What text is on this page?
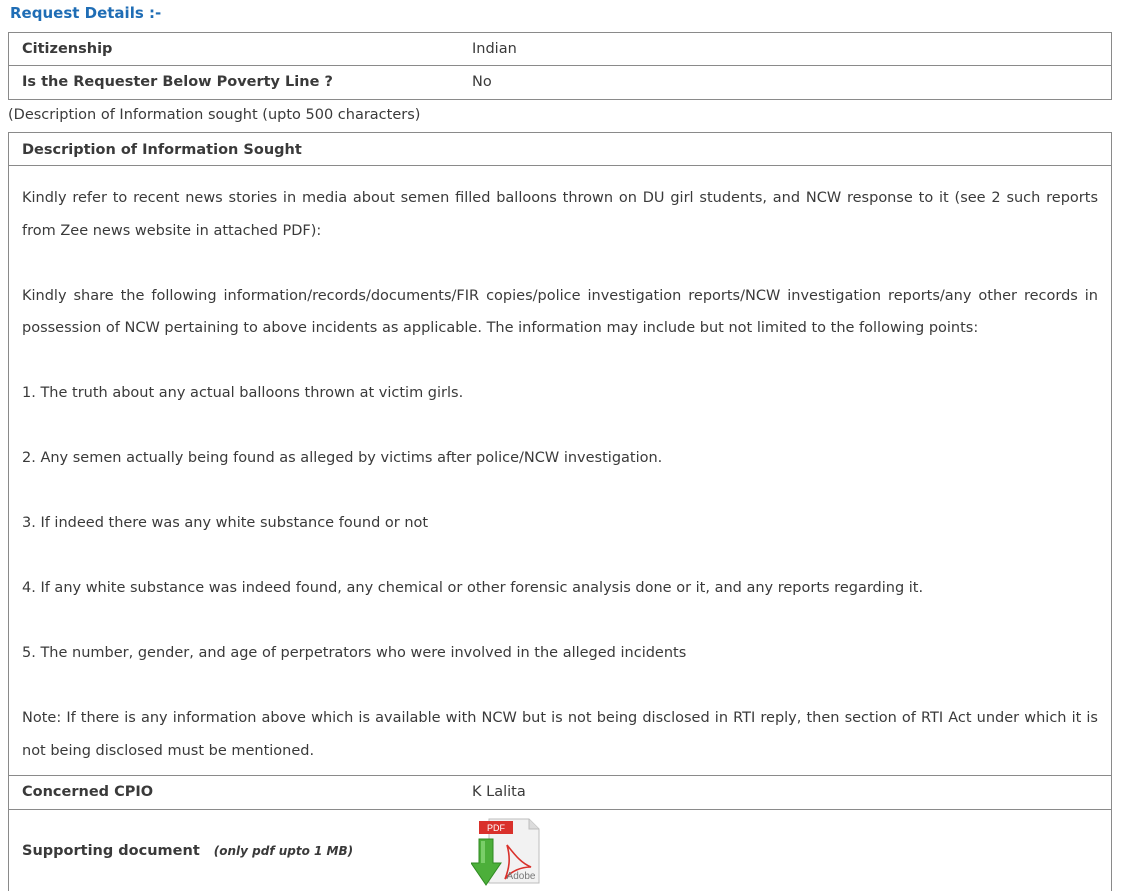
Request Details :-
Citizenship	Indian
Is the Requester Below Poverty Line ?	No
(Description of Information sought (upto 500 characters)
Description of Information Sought

Kindly refer to recent news stories in media about semen filled balloons thrown on DU girl students, and NCW response to it (see 2 such reports from Zee news website in attached PDF):

Kindly share the following information/records/documents/FIR copies/police investigation reports/NCW investigation reports/any other records in possession of NCW pertaining to above incidents as applicable. The information may include but not limited to the following points:

1. The truth about any actual balloons thrown at victim girls.

2. Any semen actually being found as alleged by victims after police/NCW investigation.

3. If indeed there was any white substance found or not

4. If any white substance was indeed found, any chemical or other forensic analysis done or it, and any reports regarding it.

5. The number, gender, and age of perpetrators who were involved in the alleged incidents

Note: If there is any information above which is available with NCW but is not being disclosed in RTI reply, then section of RTI Act under which it is not being disclosed must be mentioned.

Concerned CPIO	K Lalita
Supporting document (only pdf upto 1 MB)
PDF
Adobe
